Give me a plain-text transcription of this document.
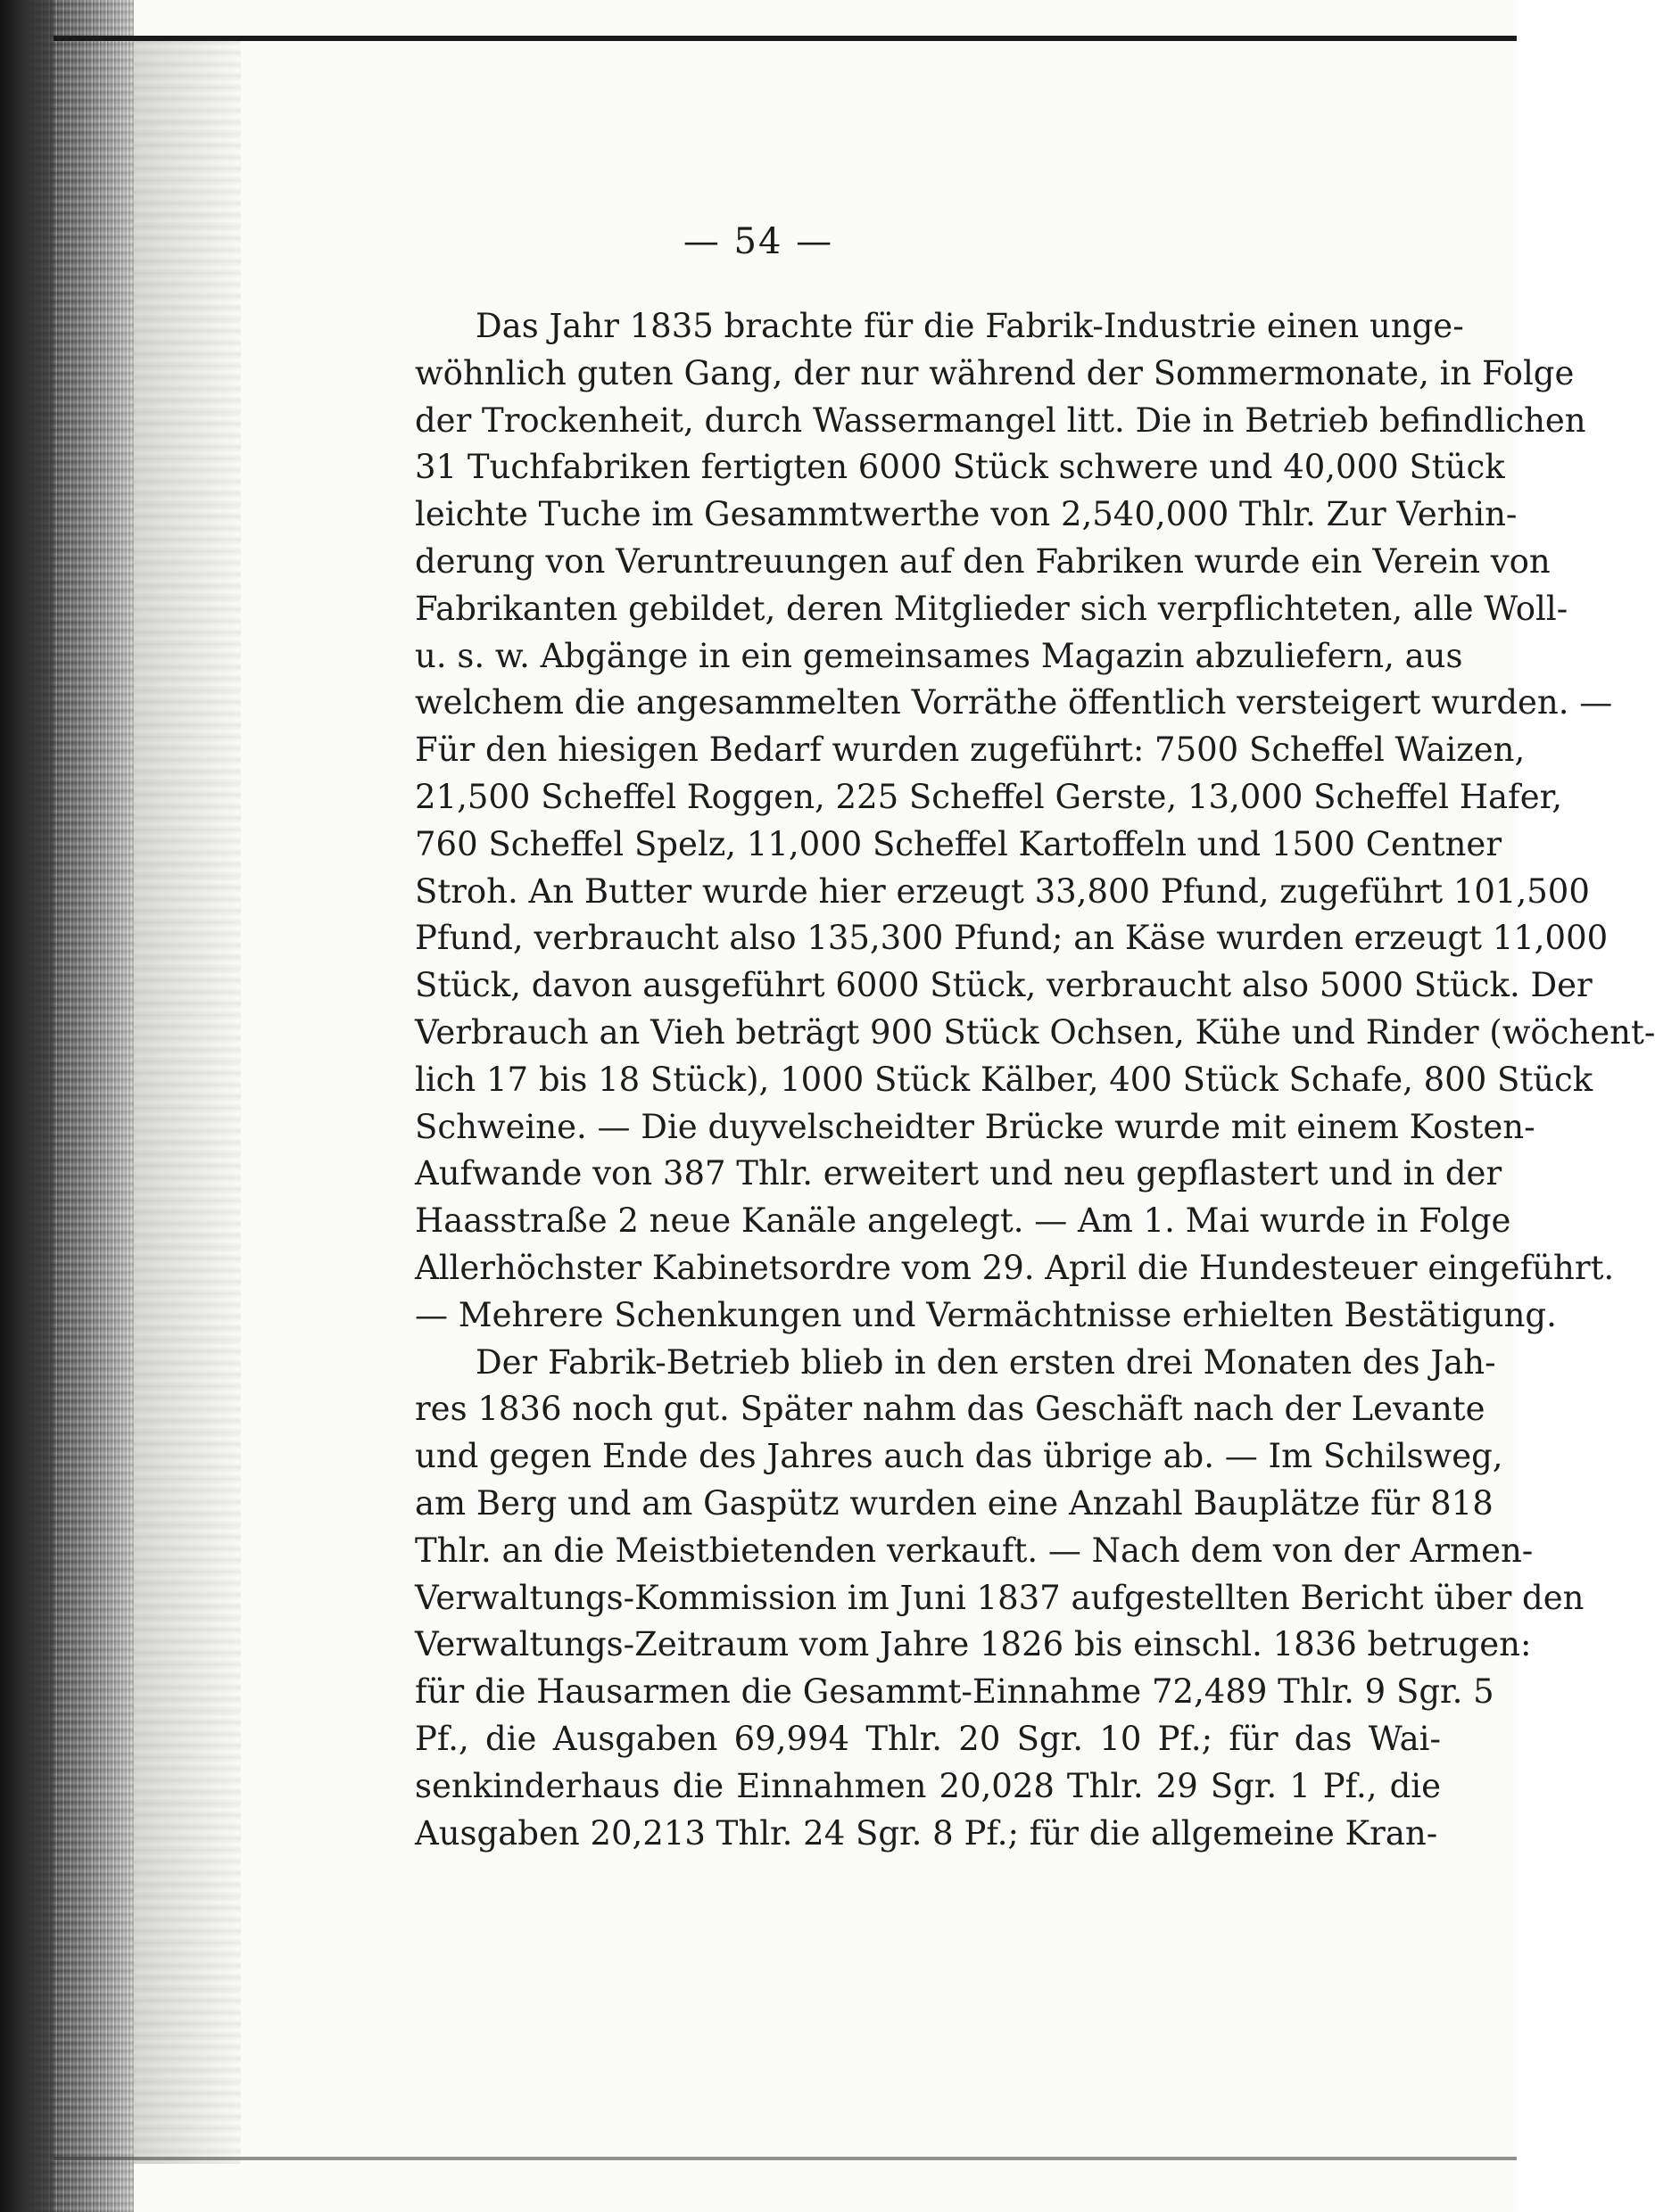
— 54 —
Das Jahr 1835 brachte für die Fabrik-Industrie einen unge-
wöhnlich guten Gang, der nur während der Sommermonate, in Folge
der Trockenheit, durch Wassermangel litt. Die in Betrieb befindlichen
31 Tuchfabriken fertigten 6000 Stück schwere und 40,000 Stück
leichte Tuche im Gesammtwerthe von 2,540,000 Thlr. Zur Verhin-
derung von Veruntreuungen auf den Fabriken wurde ein Verein von
Fabrikanten gebildet, deren Mitglieder sich verpflichteten, alle Woll-
u. s. w. Abgänge in ein gemeinsames Magazin abzuliefern, aus
welchem die angesammelten Vorräthe öffentlich versteigert wurden. —
Für den hiesigen Bedarf wurden zugeführt: 7500 Scheffel Waizen,
21,500 Scheffel Roggen, 225 Scheffel Gerste, 13,000 Scheffel Hafer,
760 Scheffel Spelz, 11,000 Scheffel Kartoffeln und 1500 Centner
Stroh. An Butter wurde hier erzeugt 33,800 Pfund, zugeführt 101,500
Pfund, verbraucht also 135,300 Pfund; an Käse wurden erzeugt 11,000
Stück, davon ausgeführt 6000 Stück, verbraucht also 5000 Stück. Der
Verbrauch an Vieh beträgt 900 Stück Ochsen, Kühe und Rinder (wöchent-
lich 17 bis 18 Stück), 1000 Stück Kälber, 400 Stück Schafe, 800 Stück
Schweine. — Die duyvelscheidter Brücke wurde mit einem Kosten-
Aufwande von 387 Thlr. erweitert und neu gepflastert und in der
Haasstraße 2 neue Kanäle angelegt. — Am 1. Mai wurde in Folge
Allerhöchster Kabinetsordre vom 29. April die Hundesteuer eingeführt.
— Mehrere Schenkungen und Vermächtnisse erhielten Bestätigung.
Der Fabrik-Betrieb blieb in den ersten drei Monaten des Jah-
res 1836 noch gut. Später nahm das Geschäft nach der Levante
und gegen Ende des Jahres auch das übrige ab. — Im Schilsweg,
am Berg und am Gaspütz wurden eine Anzahl Bauplätze für 818
Thlr. an die Meistbietenden verkauft. — Nach dem von der Armen-
Verwaltungs-Kommission im Juni 1837 aufgestellten Bericht über den
Verwaltungs-Zeitraum vom Jahre 1826 bis einschl. 1836 betrugen:
für die Hausarmen die Gesammt-Einnahme 72,489 Thlr. 9 Sgr. 5
Pf., die Ausgaben 69,994 Thlr. 20 Sgr. 10 Pf.; für das Wai-
senkinderhaus die Einnahmen 20,028 Thlr. 29 Sgr. 1 Pf., die
Ausgaben 20,213 Thlr. 24 Sgr. 8 Pf.; für die allgemeine Kran-
